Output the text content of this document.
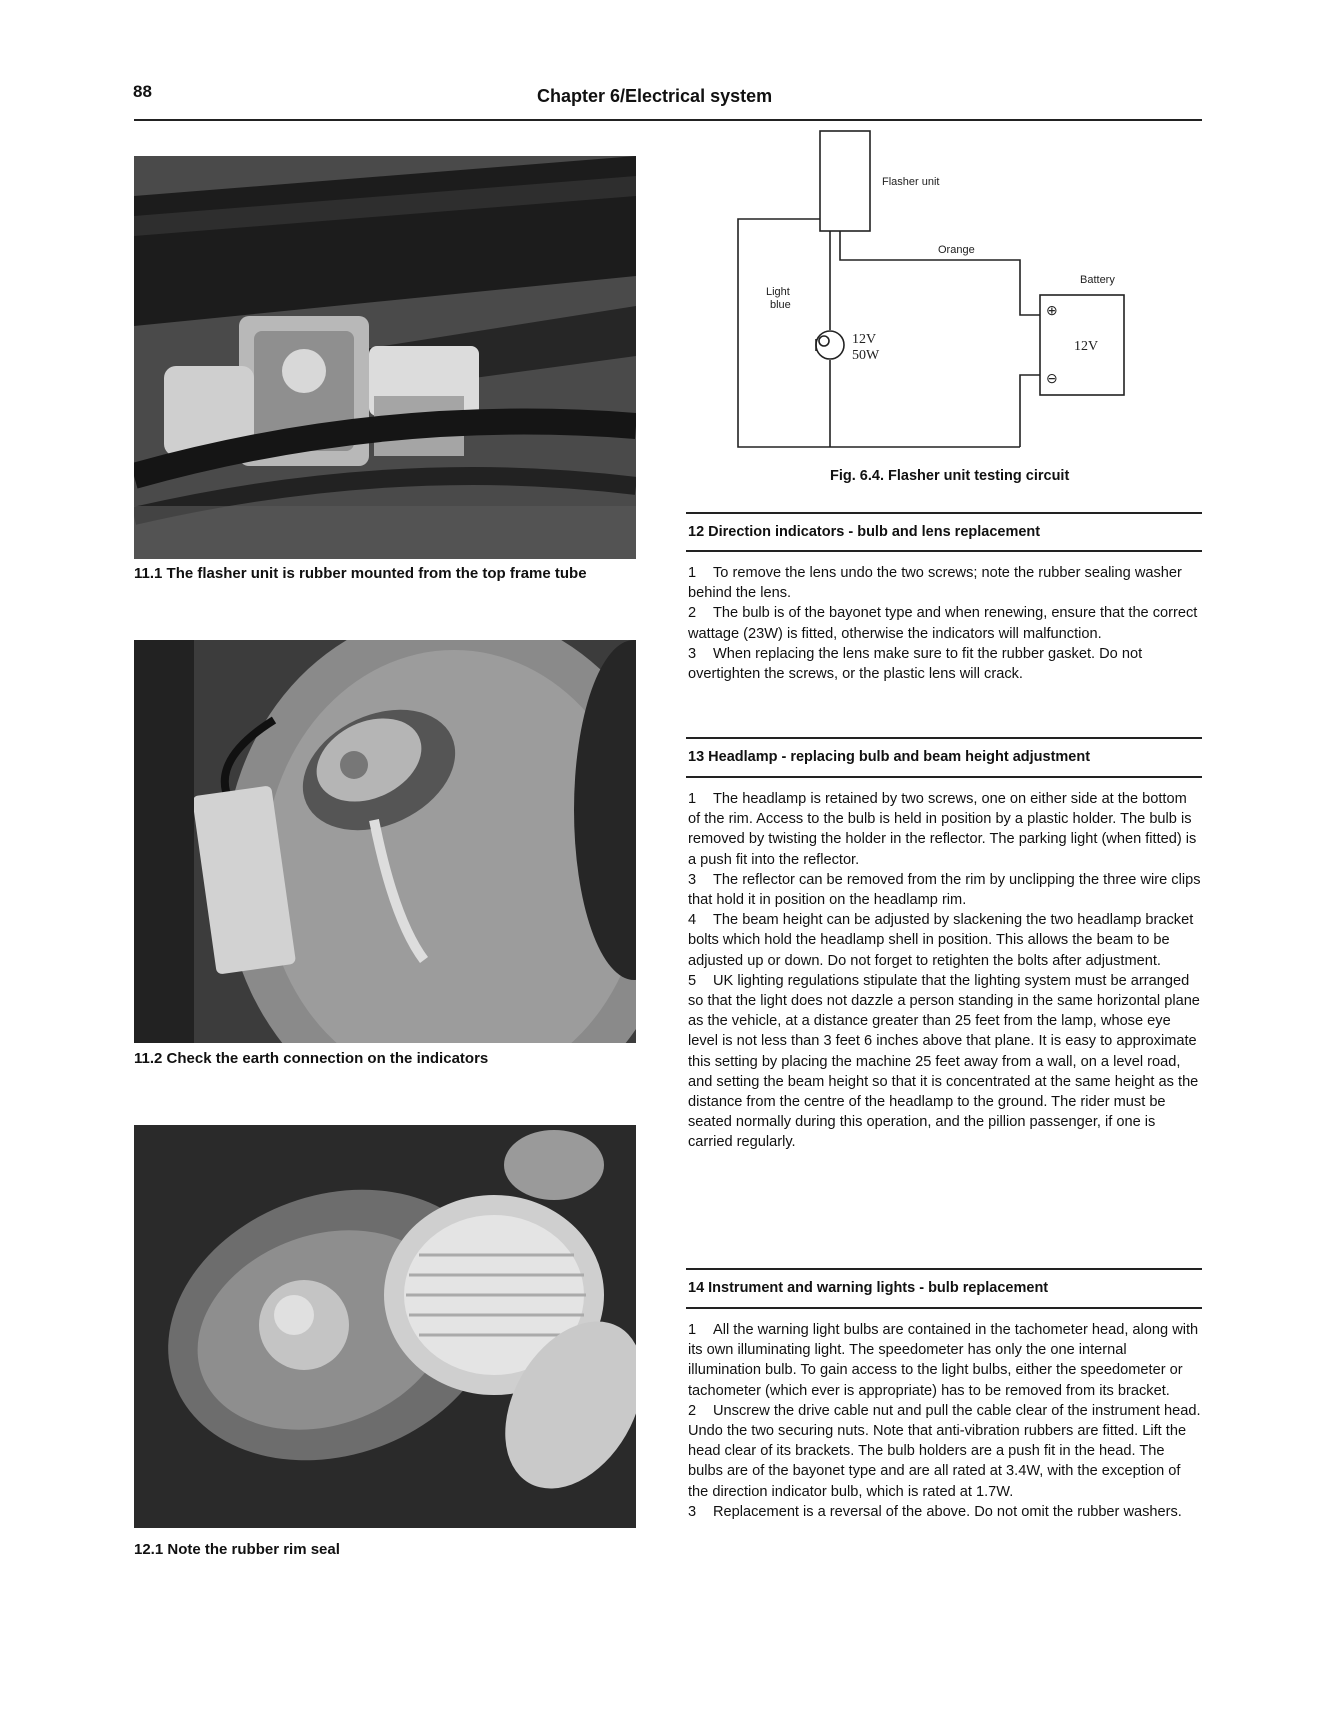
88	Chapter 6/Electrical system
11.1 The flasher unit is rubber mounted from the top frame tube
11.2 Check the earth connection on the indicators
12.1 Note the rubber rim seal
Flasher unit
Orange
Battery
Light
blue
12V
50W
12V
⊕
⊖
Fig. 6.4. Flasher unit testing circuit
12 Direction indicators - bulb and lens replacement

1 To remove the lens undo the two screws; note the rubber sealing washer behind the lens.

2 The bulb is of the bayonet type and when renewing, ensure that the correct wattage (23W) is fitted, otherwise the indicators will malfunction.

3 When replacing the lens make sure to fit the rubber gasket. Do not overtighten the screws, or the plastic lens will crack.

13 Headlamp - replacing bulb and beam height adjustment

1 The headlamp is retained by two screws, one on either side at the bottom of the rim. Access to the bulb is held in position by a plastic holder. The bulb is removed by twisting the holder in the reflector. The parking light (when fitted) is a push fit into the reflector.

3 The reflector can be removed from the rim by unclipping the three wire clips that hold it in position on the headlamp rim.

4 The beam height can be adjusted by slackening the two headlamp bracket bolts which hold the headlamp shell in position. This allows the beam to be adjusted up or down. Do not forget to retighten the bolts after adjustment.

5 UK lighting regulations stipulate that the lighting system must be arranged so that the light does not dazzle a person standing in the same horizontal plane as the vehicle, at a distance greater than 25 feet from the lamp, whose eye level is not less than 3 feet 6 inches above that plane. It is easy to approximate this setting by placing the machine 25 feet away from a wall, on a level road, and setting the beam height so that it is concentrated at the same height as the distance from the centre of the headlamp to the ground. The rider must be seated normally during this operation, and the pillion passenger, if one is carried regularly.

14 Instrument and warning lights - bulb replacement

1 All the warning light bulbs are contained in the tachometer head, along with its own illuminating light. The speedometer has only the one internal illumination bulb. To gain access to the light bulbs, either the speedometer or tachometer (which ever is appropriate) has to be removed from its bracket.

2 Unscrew the drive cable nut and pull the cable clear of the instrument head. Undo the two securing nuts. Note that anti-vibration rubbers are fitted. Lift the head clear of its brackets. The bulb holders are a push fit in the head. The bulbs are of the bayonet type and are all rated at 3.4W, with the exception of the direction indicator bulb, which is rated at 1.7W.

3 Replacement is a reversal of the above. Do not omit the rubber washers.
